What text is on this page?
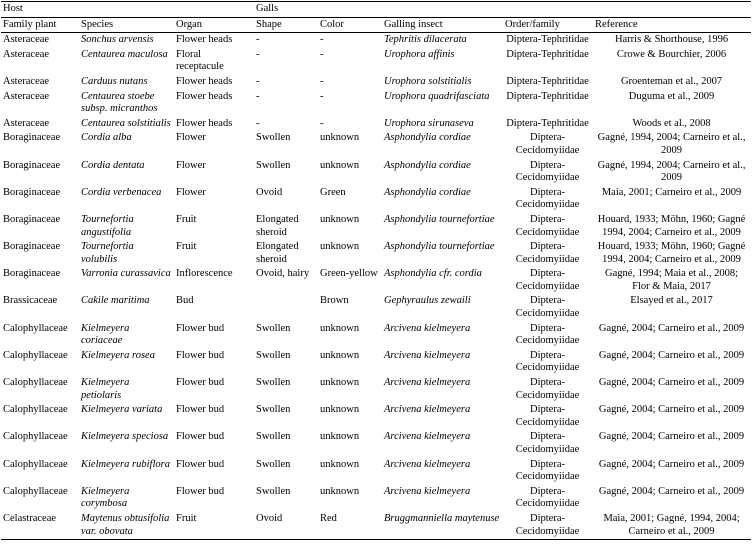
Host			Galls				
Family plant	Species	Organ	Shape	Color	Galling insect	Order/family	Reference
Asteraceae	Sonchus arvensis	Flower heads	-	-	Tephritis dilacerata	Diptera-Tephritidae	Harris & Shorthouse, 1996
Asteraceae	Centaurea maculosa	Floral receptacule	-	-	Urophora affinis	Diptera-Tephritidae	Crowe & Bourchier, 2006
Asteraceae	Carduus nutans	Flower heads	-	-	Urophora solstitialis	Diptera-Tephritidae	Groenteman et al., 2007
Asteraceae	Centaurea stoebe subsp. micranthos	Flower heads	-	-	Urophora quadrifasciata	Diptera-Tephritidae	Duguma et al., 2009
Asteraceae	Centaurea solstitialis	Flower heads	-	-	Urophora sirunaseva	Diptera-Tephritidae	Woods et al., 2008
Boraginaceae	Cordia alba	Flower	Swollen	unknown	Asphondylia cordiae	Diptera-Cecidomyiidae	Gagné, 1994, 2004; Carneiro et al., 2009
Boraginaceae	Cordia dentata	Flower	Swollen	unknown	Asphondylia cordiae	Diptera-Cecidomyiidae	Gagné, 1994, 2004; Carneiro et al., 2009
Boraginaceae	Cordia verbenacea	Flower	Ovoid	Green	Asphondylia cordiae	Diptera-Cecidomyiidae	Maia, 2001; Carneiro et al., 2009
Boraginaceae	Tournefortia angustifolia	Fruit	Elongated sheroid	unknown	Asphondylia tournefortiae	Diptera-Cecidomyiidae	Houard, 1933; Möhn, 1960; Gagné 1994, 2004; Carneiro et al., 2009
Boraginaceae	Tournefortia volubilis	Fruit	Elongated sheroid	unknown	Asphondylia tournefortiae	Diptera-Cecidomyiidae	Houard, 1933; Möhn, 1960; Gagné 1994, 2004; Carneiro et al., 2009
Boraginaceae	Varronia curassavica	Inflorescence	Ovoid, hairy	Green-yellow	Asphondylia cfr. cordia	Diptera-Cecidomyiidae	Gagné, 1994; Maia et al., 2008; Flor & Maia, 2017
Brassicaceae	Cakile maritima	Bud		Brown	Gephyraulus zewaili	Diptera-Cecidomyiidae	Elsayed et al., 2017
Calophyllaceae	Kielmeyera coriaceae	Flower bud	Swollen	unknown	Arcivena kielmeyera	Diptera-Cecidomyiidae	Gagné, 2004; Carneiro et al., 2009
Calophyllaceae	Kielmeyera rosea	Flower bud	Swollen	unknown	Arcivena kielmeyera	Diptera-Cecidomyiidae	Gagné, 2004; Carneiro et al., 2009
Calophyllaceae	Kielmeyera petiolaris	Flower bud	Swollen	unknown	Arcivena kielmeyera	Diptera-Cecidomyiidae	Gagné, 2004; Carneiro et al., 2009
Calophyllaceae	Kielmeyera variata	Flower bud	Swollen	unknown	Arcivena kielmeyera	Diptera-Cecidomyiidae	Gagné, 2004; Carneiro et al., 2009
Calophyllaceae	Kielmeyera speciosa	Flower bud	Swollen	unknown	Arcivena kielmeyera	Diptera-Cecidomyiidae	Gagné, 2004; Carneiro et al., 2009
Calophyllaceae	Kielmeyera rubiflora	Flower bud	Swollen	unknown	Arcivena kielmeyera	Diptera-Cecidomyiidae	Gagné, 2004; Carneiro et al., 2009
Calophyllaceae	Kielmeyera corymbosa	Flower bud	Swollen	unknown	Arcivena kielmeyera	Diptera-Cecidomyiidae	Gagné, 2004; Carneiro et al., 2009
Celastraceae	Maytenus obtusifolia var. obovata	Fruit	Ovoid	Red	Bruggmanniella maytenuse	Diptera-Cecidomyiidae	Maia, 2001; Gagné, 1994, 2004; Carneiro et al., 2009
